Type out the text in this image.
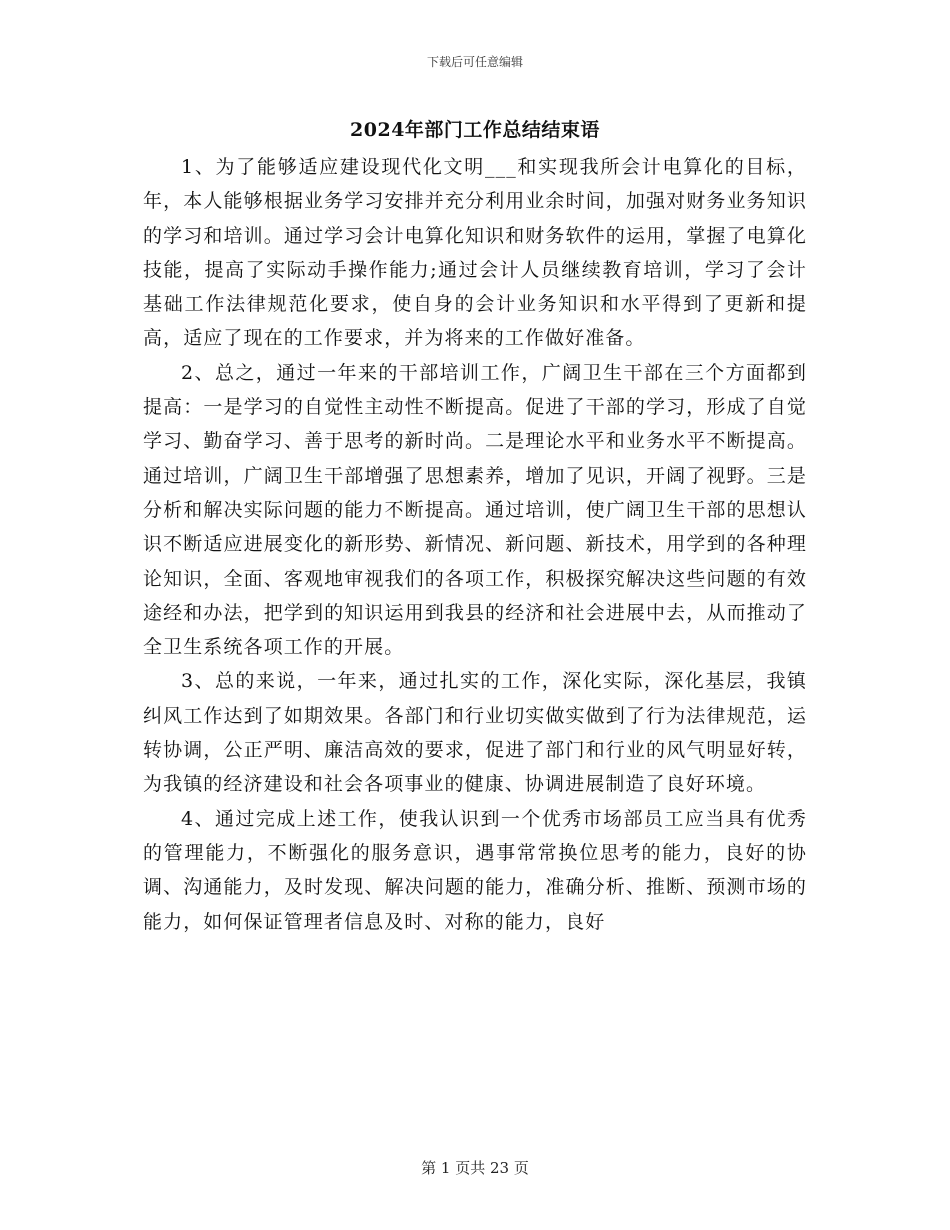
下载后可任意编辑
2024年部门工作总结结束语

1、为了能够适应建设现代化文明___和实现我所会计电算化的目标，年，本人能够根据业务学习安排并充分利用业余时间，加强对财务业务知识的学习和培训。通过学习会计电算化知识和财务软件的运用，掌握了电算化技能，提高了实际动手操作能力;通过会计人员继续教育培训，学习了会计基础工作法律规范化要求，使自身的会计业务知识和水平得到了更新和提高，适应了现在的工作要求，并为将来的工作做好准备。

2、总之，通过一年来的干部培训工作，广阔卫生干部在三个方面都到提高：一是学习的自觉性主动性不断提高。促进了干部的学习，形成了自觉学习、勤奋学习、善于思考的新时尚。二是理论水平和业务水平不断提高。通过培训，广阔卫生干部增强了思想素养，增加了见识，开阔了视野。三是分析和解决实际问题的能力不断提高。通过培训，使广阔卫生干部的思想认识不断适应进展变化的新形势、新情况、新问题、新技术，用学到的各种理论知识，全面、客观地审视我们的各项工作，积极探究解决这些问题的有效途经和办法，把学到的知识运用到我县的经济和社会进展中去，从而推动了全卫生系统各项工作的开展。

3、总的来说，一年来，通过扎实的工作，深化实际，深化基层，我镇纠风工作达到了如期效果。各部门和行业切实做实做到了行为法律规范，运转协调，公正严明、廉洁高效的要求，促进了部门和行业的风气明显好转，为我镇的经济建设和社会各项事业的健康、协调进展制造了良好环境。

4、通过完成上述工作，使我认识到一个优秀市场部员工应当具有优秀的管理能力，不断强化的服务意识，遇事常常换位思考的能力，良好的协调、沟通能力，及时发现、解决问题的能力，准确分析、推断、预测市场的能力，如何保证管理者信息及时、对称的能力，良好

第 1 页共 23 页
